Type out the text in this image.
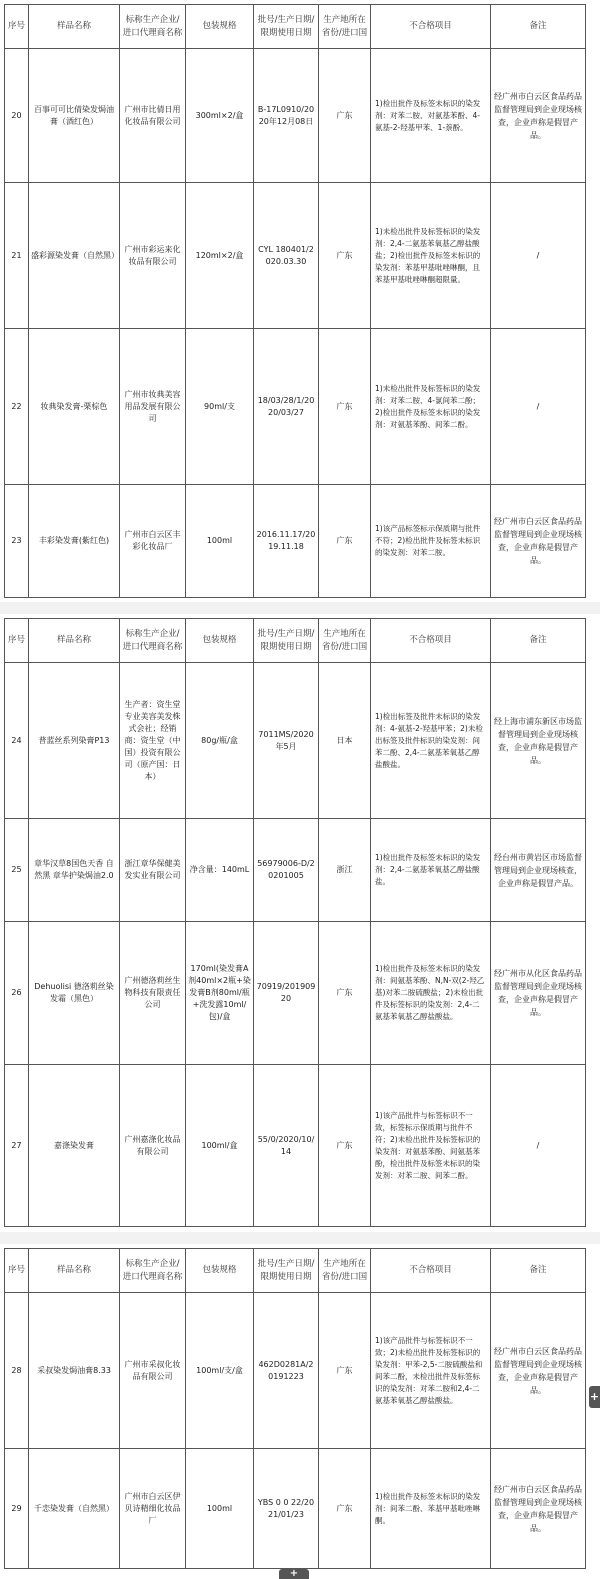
序号	样品名称	标称生产企业/进口代理商名称	包装规格	批号/生产日期/限期使用日期	生产地所在省份/进口国	不合格项目	备注
20	百事可可比倩染发焗油膏（酒红色）	广州市比倩日用化妆品有限公司	300ml×2/盒	B-17L0910/2020年12月08日	广东	1)检出批件及标签未标识的染发剂：对苯二胺、对氨基苯酚、4-氨基-2-羟基甲苯、1-萘酚。	经广州市白云区食品药品监督管理局到企业现场核查，企业声称是假冒产品。
21	盛彩源染发膏（自然黑）	广州市彩运来化妆品有限公司	120ml×2/盒	CYL 180401/2020.03.30	广东	1)未检出批件及标签标识的染发剂：2,4-二氨基苯氧基乙醇盐酸盐；2)检出批件及标签未标识的染发剂：苯基甲基吡唑啉酮，且苯基甲基吡唑啉酮超限量。	/
22	妆典染发膏-栗棕色	广州市妆典美容用品发展有限公司	90ml/支	18/03/28/1/2020/03/27	广东	1)未检出批件及标签标识的染发剂：对苯二胺、4-氯间苯二酚；2)检出批件及标签未标识的染发剂：对氨基苯酚、间苯二酚。	/
23	丰彩染发膏(紫红色)	广州市白云区丰彩化妆品厂	100ml	2016.11.17/2019.11.18	广东	1)该产品标签标示保质期与批件不符；2)检出批件及标签未标识的染发剂：对苯二胺。	经广州市白云区食品药品监督管理局到企业现场核查，企业声称是假冒产品。
序号	样品名称	标称生产企业/进口代理商名称	包装规格	批号/生产日期/限期使用日期	生产地所在省份/进口国	不合格项目	备注
24	普蓝丝系列染膏P13	生产者：资生堂专业美容美发株式会社；经销商：资生堂（中国）投资有限公司（原产国：日本）	80g/瓶/盒	7011MS/2020年5月	日本	1)检出标签及批件未标识的染发剂：4-氨基-2-羟基甲苯；2)未检出标签及批件标识的染发剂：间苯二酚、2,4-二氨基苯氧基乙醇盐酸盐。	经上海市浦东新区市场监督管理局到企业现场核查，企业声称是假冒产品。
25	章华汉草8国色天香 自然黑 章华护染焗油2.0	浙江章华保健美发实业有限公司	净含量：140mL	56979006-D/20201005	浙江	1)检出批件及标签未标识的染发剂：2,4-二氨基苯氧基乙醇盐酸盐。	经台州市黄岩区市场监督管理局到企业现场核查，企业声称是假冒产品。
26	Dehuolisi 德洛莉丝染发霜（黑色）	广州德洛莉丝生物科技有限责任公司	170ml(染发膏A剂40ml×2瓶+染发膏B剂80ml/瓶+洗发露10ml/包)/盒	70919/20190920	广东	1)检出批件及标签未标识的染发剂：间氨基苯酚、N,N-双(2-羟乙基)对苯二胺硫酸盐；2)未检出批件及标签标识的染发剂：2,4-二氨基苯氧基乙醇盐酸盐。	经广州市从化区食品药品监督管理局到企业现场核查，企业声称是假冒产品。
27	嘉涤染发膏	广州嘉涤化妆品有限公司	100ml/盒	55/0/2020/10/14	广东	1)该产品批件与标签标识不一致，标签标示保质期与批件不符；2)未检出批件及标签标识的染发剂：对氨基苯酚、间氨基苯酚，检出批件及标签未标识的染发剂：对苯二胺、间苯二酚。	/
序号	样品名称	标称生产企业/进口代理商名称	包装规格	批号/生产日期/限期使用日期	生产地所在省份/进口国	不合格项目	备注
28	采叔染发焗油膏8.33	广州市采叔化妆品有限公司	100ml/支/盒	462D0281A/20191223	广东	1)该产品批件与标签标识不一致；2)未检出批件及标签标识的染发剂：甲苯-2,5-二胺硫酸盐和间苯二酚，未检出批件及标签标识的染发剂：对苯二胺和2,4-二氨基苯氧基乙醇盐酸盐。	经广州市白云区食品药品监督管理局到企业现场核查，企业声称是假冒产品。
29	千恋染发膏（自然黑）	广州市白云区伊贝诗精细化妆品厂	100ml	YBS 0 0 22/2021/01/23	广东	1)检出批件及标签未标识的染发剂：间苯二酚、苯基甲基吡唑啉酮。	经广州市白云区食品药品监督管理局到企业现场核查，企业声称是假冒产品。
+
+
